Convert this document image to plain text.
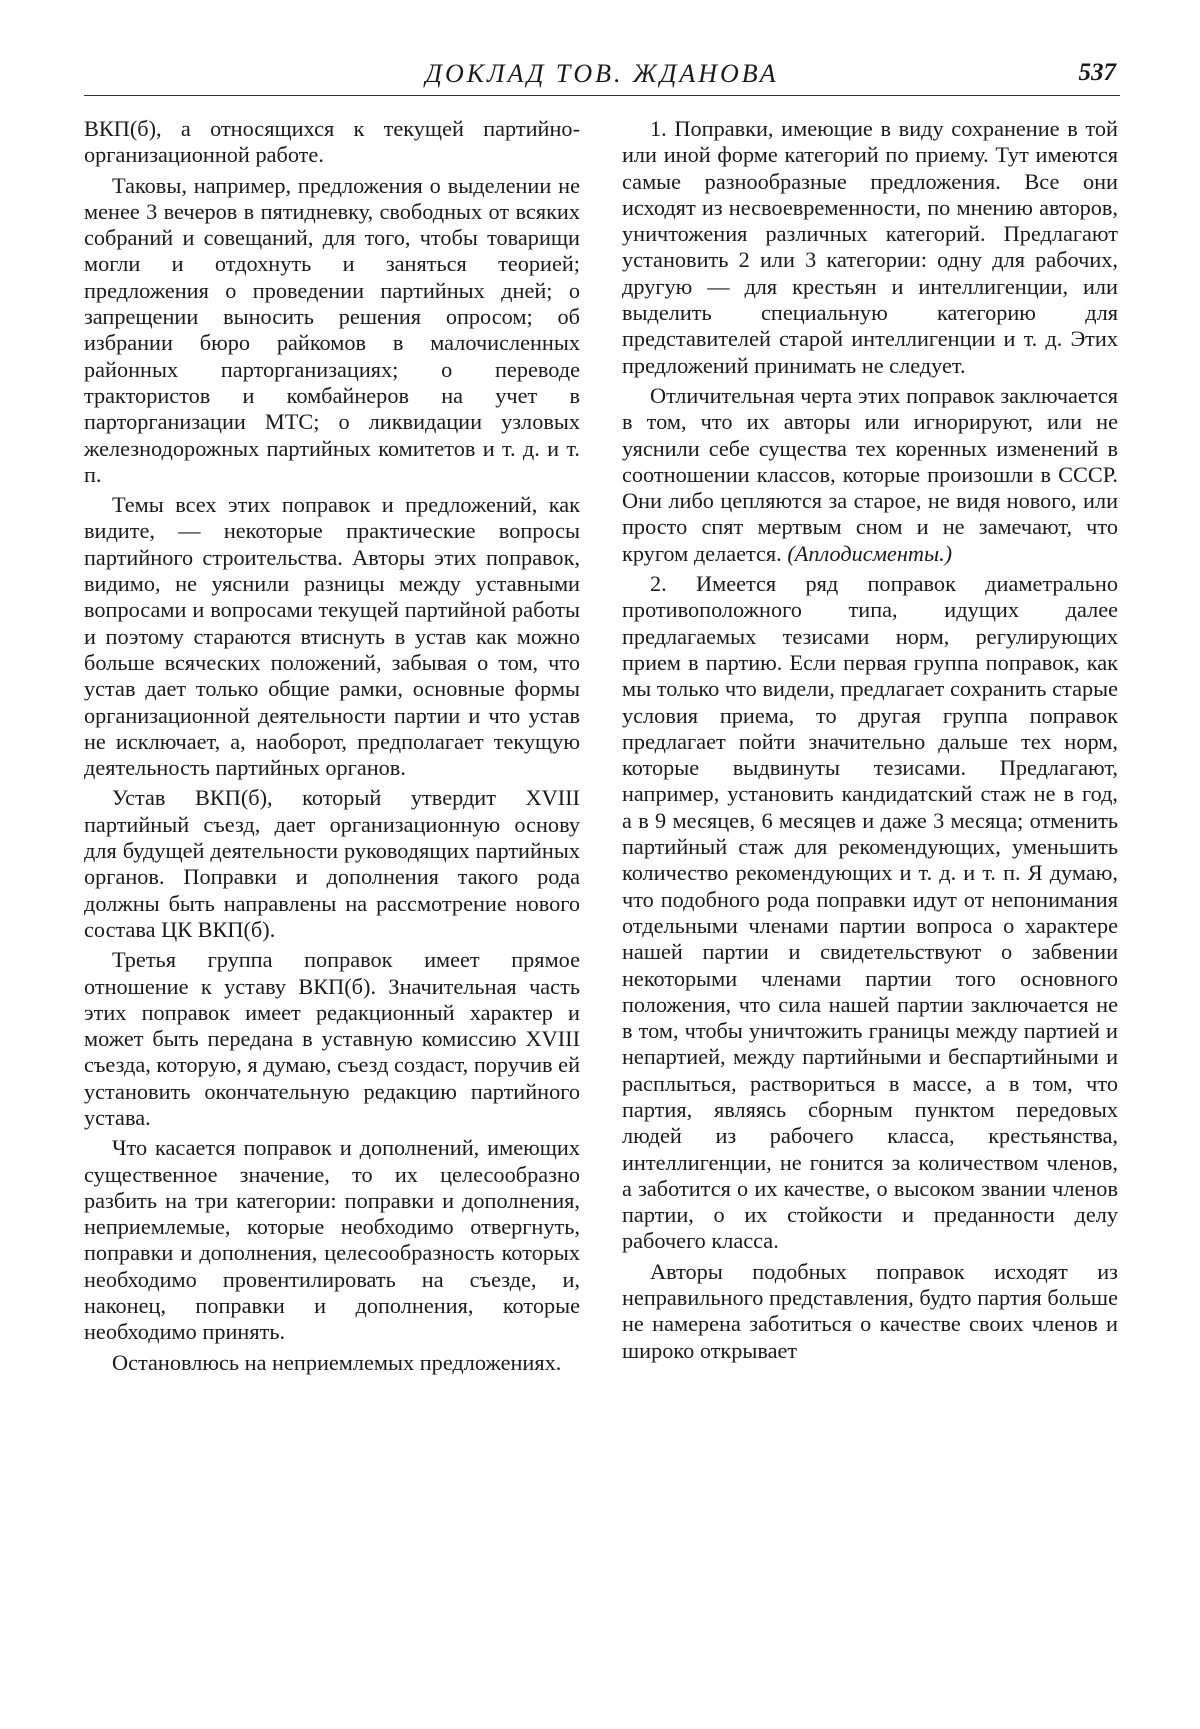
ДОКЛАД ТОВ. ЖДАНОВА	537

ВКП(б), а относящихся к текущей партийно-организационной работе.

Таковы, например, предложения о выделении не менее 3 вечеров в пятидневку, свободных от всяких собраний и совещаний, для того, чтобы товарищи могли и отдохнуть и заняться теорией; предложения о проведении партийных дней; о запрещении выносить решения опросом; об избрании бюро райкомов в малочисленных районных парторганизациях; о переводе трактористов и комбайнеров на учет в парторганизации МТС; о ликвидации узловых железнодорожных партийных комитетов и т. д. и т. п.

Темы всех этих поправок и предложений, как видите, — некоторые практические вопросы партийного строительства. Авторы этих поправок, видимо, не уяснили разницы между уставными вопросами и вопросами текущей партийной работы и поэтому стараются втиснуть в устав как можно больше всяческих положений, забывая о том, что устав дает только общие рамки, основные формы организационной деятельности партии и что устав не исключает, а, наоборот, предполагает текущую деятельность партийных органов.

Устав ВКП(б), который утвердит XVIII партийный съезд, дает организационную основу для будущей деятельности руководящих партийных органов. Поправки и дополнения такого рода должны быть направлены на рассмотрение нового состава ЦК ВКП(б).

Третья группа поправок имеет прямое отношение к уставу ВКП(б). Значительная часть этих поправок имеет редакционный характер и может быть передана в уставную комиссию XVIII съезда, которую, я думаю, съезд создаст, поручив ей установить окончательную редакцию партийного устава.

Что касается поправок и дополнений, имеющих существенное значение, то их целесообразно разбить на три категории: поправки и дополнения, неприемлемые, которые необходимо отвергнуть, поправки и дополнения, целесообразность которых необходимо провентилировать на съезде, и, наконец, поправки и дополнения, которые необходимо принять.

Остановлюсь на неприемлемых предложениях.

1. Поправки, имеющие в виду сохранение в той или иной форме категорий по приему. Тут имеются самые разнообразные предложения. Все они исходят из несвоевременности, по мнению авторов, уничтожения различных категорий. Предлагают установить 2 или 3 категории: одну для рабочих, другую — для крестьян и интеллигенции, или выделить специальную категорию для представителей старой интеллигенции и т. д. Этих предложений принимать не следует.

Отличительная черта этих поправок заключается в том, что их авторы или игнорируют, или не уяснили себе существа тех коренных изменений в соотношении классов, которые произошли в СССР. Они либо цепляются за старое, не видя нового, или просто спят мертвым сном и не замечают, что кругом делается. (Аплодисменты.)

2. Имеется ряд поправок диаметрально противоположного типа, идущих далее предлагаемых тезисами норм, регулирующих прием в партию. Если первая группа поправок, как мы только что видели, предлагает сохранить старые условия приема, то другая группа поправок предлагает пойти значительно дальше тех норм, которые выдвинуты тезисами. Предлагают, например, установить кандидатский стаж не в год, а в 9 месяцев, 6 месяцев и даже 3 месяца; отменить партийный стаж для рекомендующих, уменьшить количество рекомендующих и т. д. и т. п. Я думаю, что подобного рода поправки идут от непонимания отдельными членами партии вопроса о характере нашей партии и свидетельствуют о забвении некоторыми членами партии того основного положения, что сила нашей партии заключается не в том, чтобы уничтожить границы между партией и непартией, между партийными и беспартийными и расплыться, раствориться в массе, а в том, что партия, являясь сборным пунктом передовых людей из рабочего класса, крестьянства, интеллигенции, не гонится за количеством членов, а заботится о их качестве, о высоком звании членов партии, о их стойкости и преданности делу рабочего класса.

Авторы подобных поправок исходят из неправильного представления, будто партия больше не намерена заботиться о качестве своих членов и широко открывает
